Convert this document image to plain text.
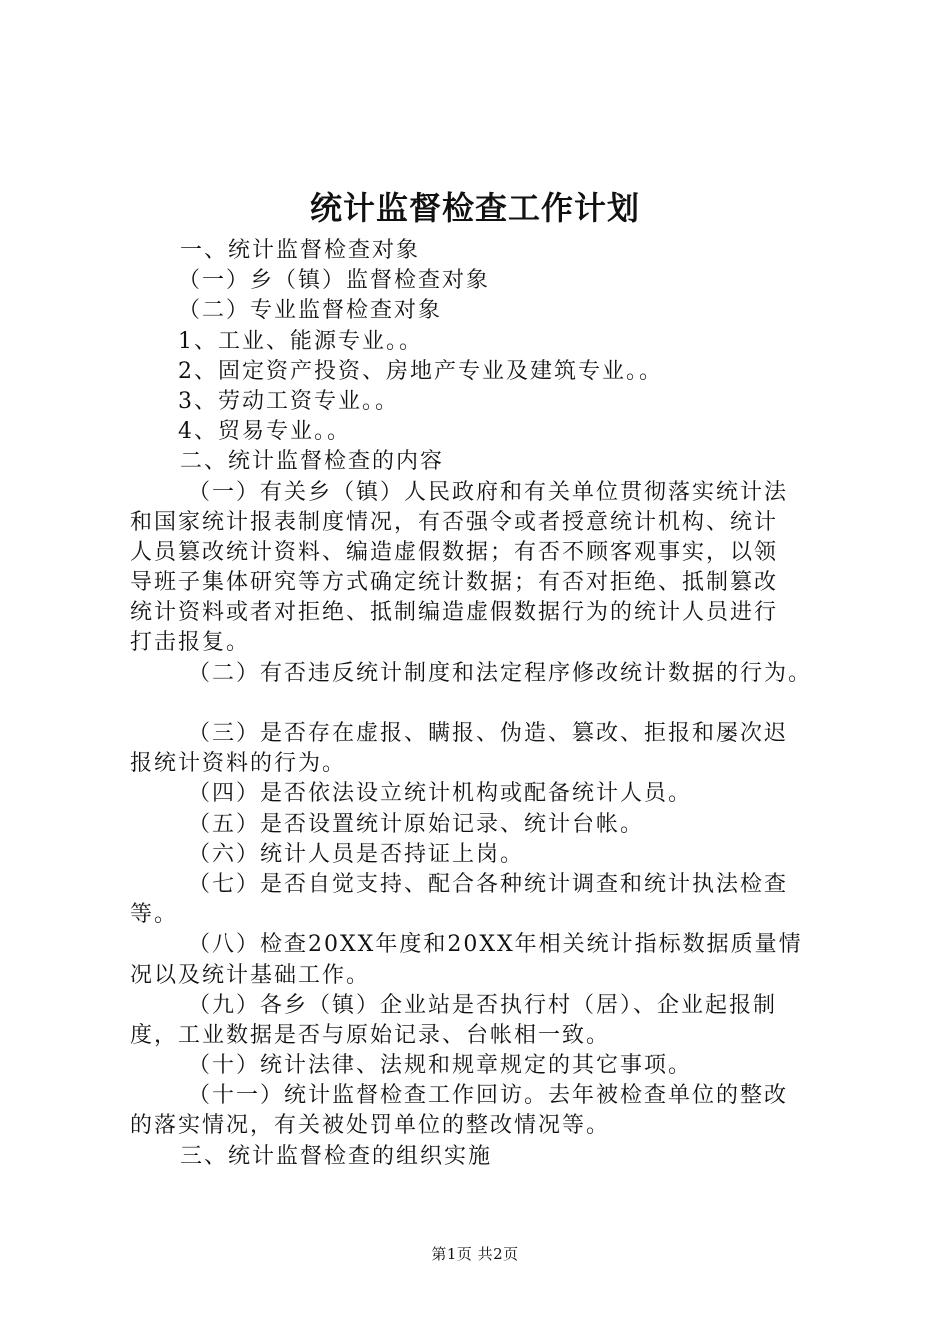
统计监督检查工作计划
一、统计监督检查对象
（一）乡（镇）监督检查对象
（二）专业监督检查对象
1、工业、能源专业。。
2、固定资产投资、房地产专业及建筑专业。。
3、劳动工资专业。。
4、贸易专业。。
二、统计监督检查的内容
（一）有关乡（镇）人民政府和有关单位贯彻落实统计法
和国家统计报表制度情况，有否强令或者授意统计机构、统计
人员篡改统计资料、编造虚假数据；有否不顾客观事实，以领
导班子集体研究等方式确定统计数据；有否对拒绝、抵制篡改
统计资料或者对拒绝、抵制编造虚假数据行为的统计人员进行
打击报复。
（二）有否违反统计制度和法定程序修改统计数据的行为。
（三）是否存在虚报、瞒报、伪造、篡改、拒报和屡次迟
报统计资料的行为。
（四）是否依法设立统计机构或配备统计人员。
（五）是否设置统计原始记录、统计台帐。
（六）统计人员是否持证上岗。
（七）是否自觉支持、配合各种统计调查和统计执法检查
等。
（八）检查20XX年度和20XX年相关统计指标数据质量情
况以及统计基础工作。
（九）各乡（镇）企业站是否执行村（居）、企业起报制
度，工业数据是否与原始记录、台帐相一致。
（十）统计法律、法规和规章规定的其它事项。
（十一）统计监督检查工作回访。去年被检查单位的整改
的落实情况，有关被处罚单位的整改情况等。
三、统计监督检查的组织实施
第1页 共2页
